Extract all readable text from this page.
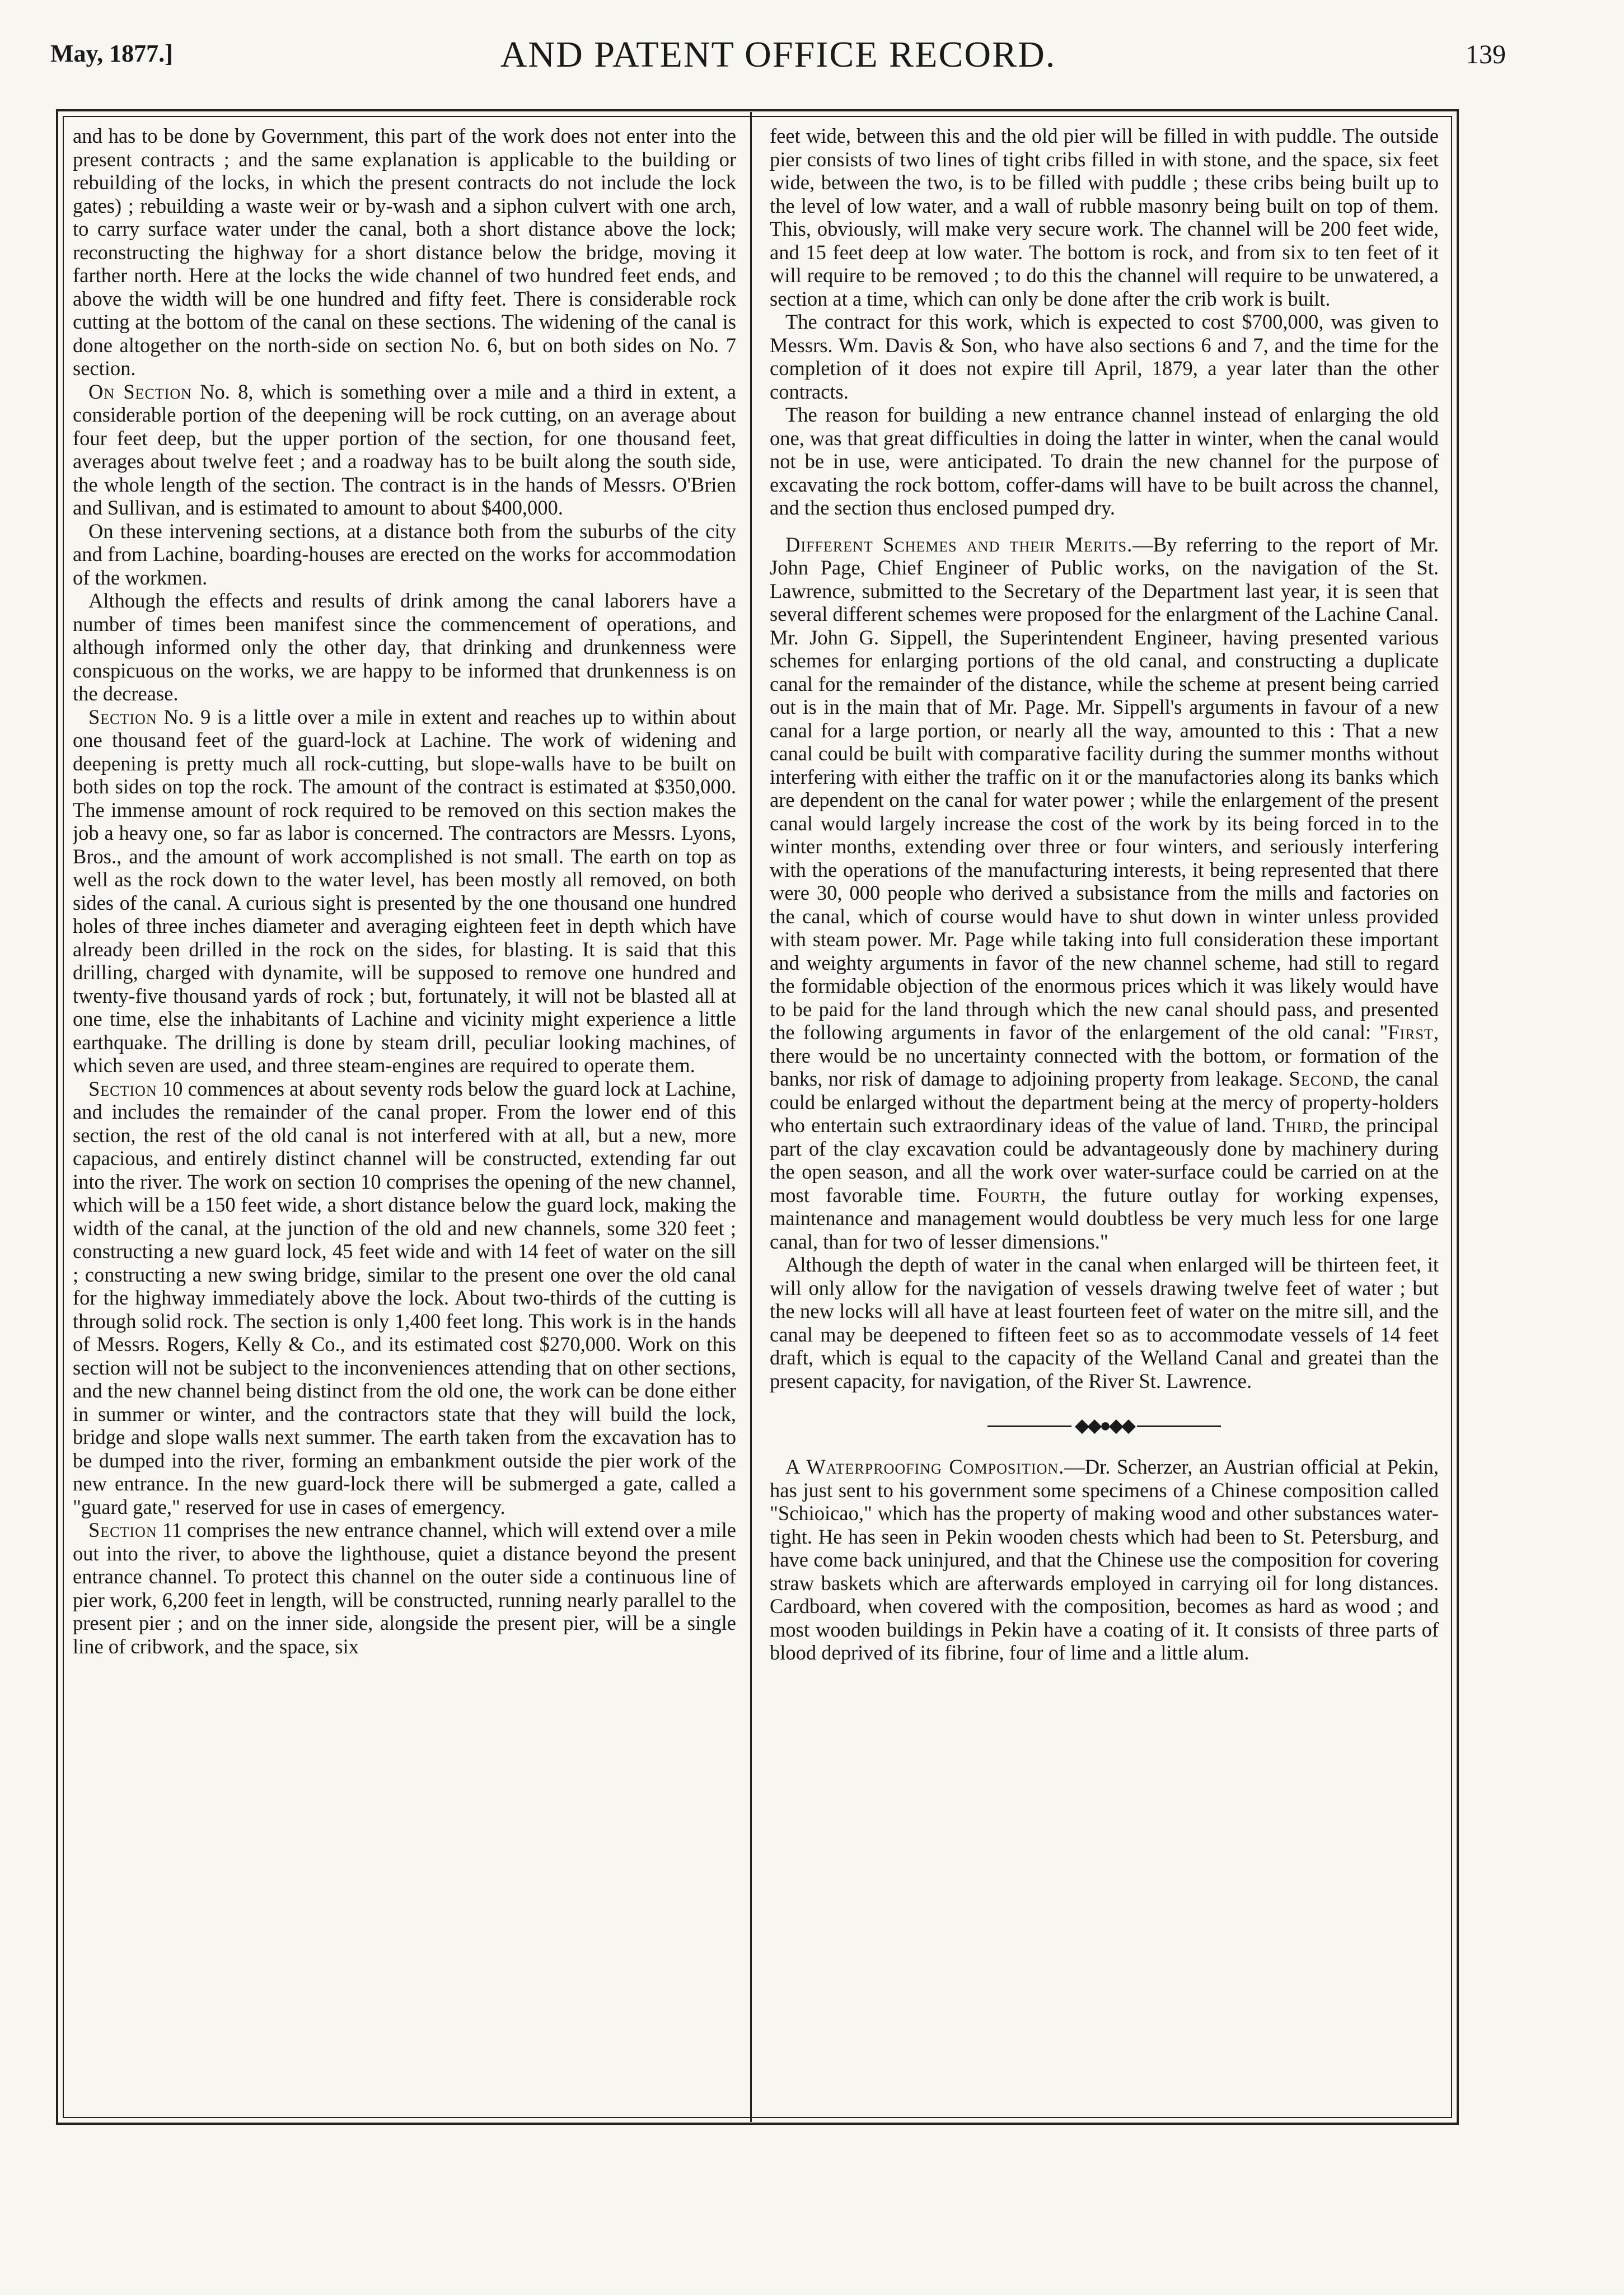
May, 1877.]	AND PATENT OFFICE RECORD.	139

and has to be done by Government, this part of the work does not enter into the present contracts ; and the same explanation is applicable to the building or rebuilding of the locks, in which the present contracts do not include the lock gates) ; rebuilding a waste weir or by-wash and a siphon culvert with one arch, to carry surface water under the canal, both a short distance above the lock; reconstructing the highway for a short distance below the bridge, moving it farther north. Here at the locks the wide channel of two hundred feet ends, and above the width will be one hundred and fifty feet. There is considerable rock cutting at the bottom of the canal on these sections. The widening of the canal is done altogether on the north-side on section No. 6, but on both sides on No. 7 section.

On Section No. 8, which is something over a mile and a third in extent, a considerable portion of the deepening will be rock cutting, on an average about four feet deep, but the upper portion of the section, for one thousand feet, averages about twelve feet ; and a roadway has to be built along the south side, the whole length of the section. The contract is in the hands of Messrs. O'Brien and Sullivan, and is estimated to amount to about $400,000.

On these intervening sections, at a distance both from the suburbs of the city and from Lachine, boarding-houses are erected on the works for accommodation of the workmen.

Although the effects and results of drink among the canal laborers have a number of times been manifest since the commencement of operations, and although informed only the other day, that drinking and drunkenness were conspicuous on the works, we are happy to be informed that drunkenness is on the decrease.

Section No. 9 is a little over a mile in extent and reaches up to within about one thousand feet of the guard-lock at Lachine. The work of widening and deepening is pretty much all rock-cutting, but slope-walls have to be built on both sides on top the rock. The amount of the contract is estimated at $350,000. The immense amount of rock required to be removed on this section makes the job a heavy one, so far as labor is concerned. The contractors are Messrs. Lyons, Bros., and the amount of work accomplished is not small. The earth on top as well as the rock down to the water level, has been mostly all removed, on both sides of the canal. A curious sight is presented by the one thousand one hundred holes of three inches diameter and averaging eighteen feet in depth which have already been drilled in the rock on the sides, for blasting. It is said that this drilling, charged with dynamite, will be supposed to remove one hundred and twenty-five thousand yards of rock ; but, fortunately, it will not be blasted all at one time, else the inhabitants of Lachine and vicinity might experience a little earthquake. The drilling is done by steam drill, peculiar looking machines, of which seven are used, and three steam-engines are required to operate them.

Section 10 commences at about seventy rods below the guard lock at Lachine, and includes the remainder of the canal proper. From the lower end of this section, the rest of the old canal is not interfered with at all, but a new, more capacious, and entirely distinct channel will be constructed, extending far out into the river. The work on section 10 comprises the opening of the new channel, which will be a 150 feet wide, a short distance below the guard lock, making the width of the canal, at the junction of the old and new channels, some 320 feet ; constructing a new guard lock, 45 feet wide and with 14 feet of water on the sill ; constructing a new swing bridge, similar to the present one over the old canal for the highway immediately above the lock. About two-thirds of the cutting is through solid rock. The section is only 1,400 feet long. This work is in the hands of Messrs. Rogers, Kelly & Co., and its estimated cost $270,000. Work on this section will not be subject to the inconveniences attending that on other sections, and the new channel being distinct from the old one, the work can be done either in summer or winter, and the contractors state that they will build the lock, bridge and slope walls next summer. The earth taken from the excavation has to be dumped into the river, forming an embankment outside the pier work of the new entrance. In the new guard-lock there will be submerged a gate, called a "guard gate," reserved for use in cases of emergency.

Section 11 comprises the new entrance channel, which will extend over a mile out into the river, to above the lighthouse, quiet a distance beyond the present entrance channel. To protect this channel on the outer side a continuous line of pier work, 6,200 feet in length, will be constructed, running nearly parallel to the present pier ; and on the inner side, alongside the present pier, will be a single line of cribwork, and the space, six

feet wide, between this and the old pier will be filled in with puddle. The outside pier consists of two lines of tight cribs filled in with stone, and the space, six feet wide, between the two, is to be filled with puddle ; these cribs being built up to the level of low water, and a wall of rubble masonry being built on top of them. This, obviously, will make very secure work. The channel will be 200 feet wide, and 15 feet deep at low water. The bottom is rock, and from six to ten feet of it will require to be removed ; to do this the channel will require to be unwatered, a section at a time, which can only be done after the crib work is built.

The contract for this work, which is expected to cost $700,000, was given to Messrs. Wm. Davis & Son, who have also sections 6 and 7, and the time for the completion of it does not expire till April, 1879, a year later than the other contracts.

The reason for building a new entrance channel instead of enlarging the old one, was that great difficulties in doing the latter in winter, when the canal would not be in use, were anticipated. To drain the new channel for the purpose of excavating the rock bottom, coffer-dams will have to be built across the channel, and the section thus enclosed pumped dry.

Different Schemes and their Merits.—By referring to the report of Mr. John Page, Chief Engineer of Public works, on the navigation of the St. Lawrence, submitted to the Secretary of the Department last year, it is seen that several different schemes were proposed for the enlargment of the Lachine Canal. Mr. John G. Sippell, the Superintendent Engineer, having presented various schemes for enlarging portions of the old canal, and constructing a duplicate canal for the remainder of the distance, while the scheme at present being carried out is in the main that of Mr. Page. Mr. Sippell's arguments in favour of a new canal for a large portion, or nearly all the way, amounted to this : That a new canal could be built with comparative facility during the summer months without interfering with either the traffic on it or the manufactories along its banks which are dependent on the canal for water power ; while the enlargement of the present canal would largely increase the cost of the work by its being forced in to the winter months, extending over three or four winters, and seriously interfering with the operations of the manufacturing interests, it being represented that there were 30, 000 people who derived a subsistance from the mills and factories on the canal, which of course would have to shut down in winter unless provided with steam power. Mr. Page while taking into full consideration these important and weighty arguments in favor of the new channel scheme, had still to regard the formidable objection of the enormous prices which it was likely would have to be paid for the land through which the new canal should pass, and presented the following arguments in favor of the enlargement of the old canal: "First, there would be no uncertainty connected with the bottom, or formation of the banks, nor risk of damage to adjoining property from leakage. Second, the canal could be enlarged without the department being at the mercy of property-holders who entertain such extraordinary ideas of the value of land. Third, the principal part of the clay excavation could be advantageously done by machinery during the open season, and all the work over water-surface could be carried on at the most favorable time. Fourth, the future outlay for working expenses, maintenance and management would doubtless be very much less for one large canal, than for two of lesser dimensions."

Although the depth of water in the canal when enlarged will be thirteen feet, it will only allow for the navigation of vessels drawing twelve feet of water ; but the new locks will all have at least fourteen feet of water on the mitre sill, and the canal may be deepened to fifteen feet so as to accommodate vessels of 14 feet draft, which is equal to the capacity of the Welland Canal and greatei than the present capacity, for navigation, of the River St. Lawrence.

◆◆●◆◆

A Waterproofing Composition.—Dr. Scherzer, an Austrian official at Pekin, has just sent to his government some specimens of a Chinese composition called "Schioicao," which has the property of making wood and other substances water-tight. He has seen in Pekin wooden chests which had been to St. Petersburg, and have come back uninjured, and that the Chinese use the composition for covering straw baskets which are afterwards employed in carrying oil for long distances. Cardboard, when covered with the composition, becomes as hard as wood ; and most wooden buildings in Pekin have a coating of it. It consists of three parts of blood deprived of its fibrine, four of lime and a little alum.
